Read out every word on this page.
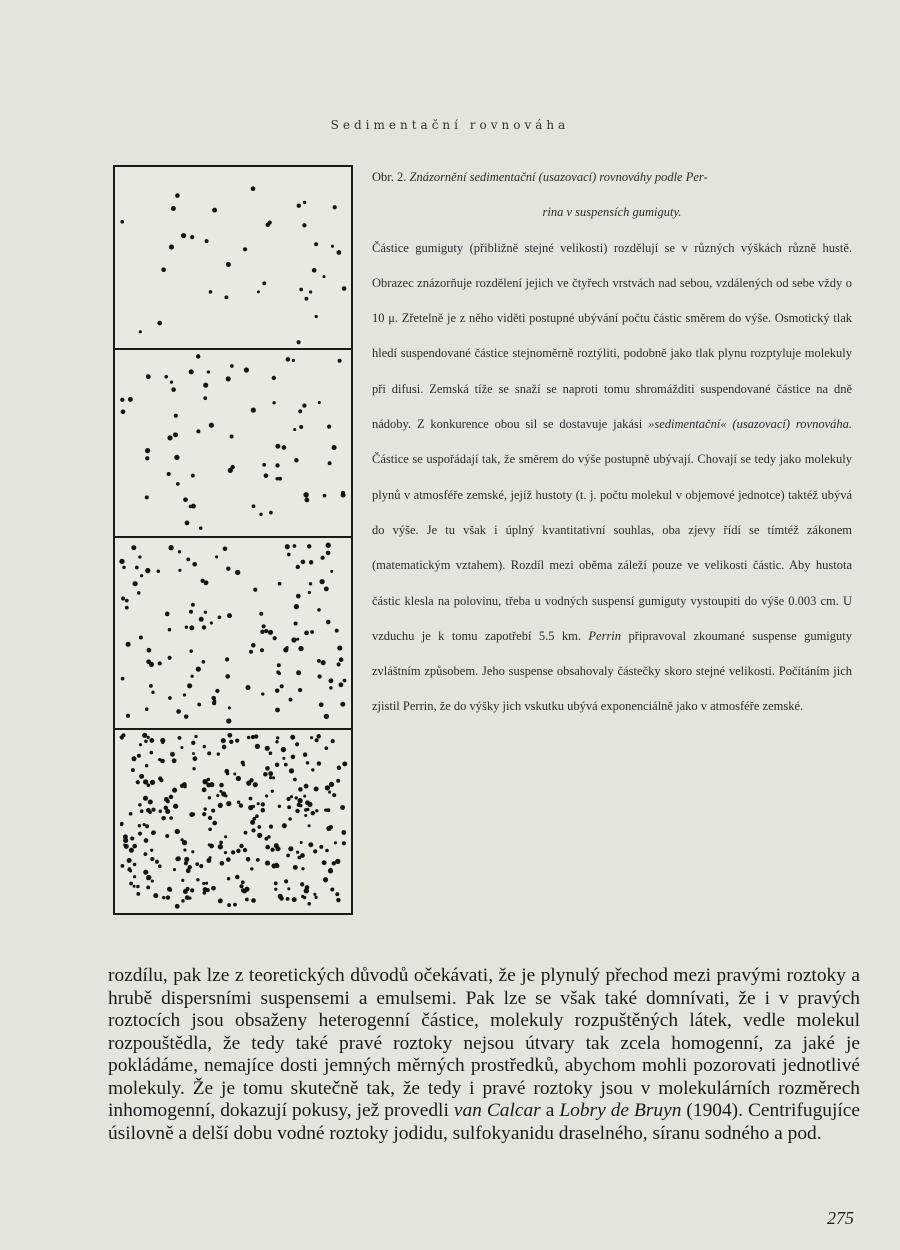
Sedimentační rovnováha

Obr. 2. Znázornění sedimentační (usazovací) rovnováhy podle Per-

rina v suspensích gumiguty.

Částice gumiguty (přibližně stejné velikosti) rozdělují se v různých výškách různě hustě. Obrazec znázorňuje rozdělení jejich ve čtyřech vrstvách nad sebou, vzdálených od sebe vždy o 10 μ. Zřetelně je z něho viděti postupné ubývání počtu částic směrem do výše. Osmotický tlak hledí suspendované částice stejnoměrně roztýliti, podobně jako tlak plynu rozptyluje molekuly při difusi. Zemská tíže se snaží se naproti tomu shromážditi suspendované částice na dně nádoby. Z konkurence obou sil se dostavuje jakási »sedimentační« (usazovací) rovnováha. Částice se uspořádají tak, že směrem do výše postupně ubývají. Chovají se tedy jako molekuly plynů v atmosféře zemské, jejíž hustoty (t. j. počtu molekul v objemové jednotce) taktéž ubývá do výše. Je tu však i úplný kvantitativní souhlas, oba zjevy řídí se tímtéž zákonem (matematickým vztahem). Rozdíl mezi oběma záleží pouze ve velikosti částic. Aby hustota částic klesla na polovinu, třeba u vodných suspensí gumiguty vystoupiti do výše 0.003 cm. U vzduchu je k tomu zapotřebí 5.5 km. Perrin připravoval zkoumané suspense gumiguty zvláštním způsobem. Jeho suspense obsahovaly částečky skoro stejné velikosti. Počítáním jich zjistil Perrin, že do výšky jich vskutku ubývá exponenciálně jako v atmosféře zemské.

rozdílu, pak lze z teoretických důvodů očekávati, že je plynulý přechod mezi pravými roztoky a hrubě dispersními suspensemi a emulsemi. Pak lze se však také domnívati, že i v pravých roztocích jsou obsaženy heterogenní částice, molekuly rozpuštěných látek, vedle molekul rozpouštědla, že tedy také pravé roztoky nejsou útvary tak zcela homogenní, za jaké je pokládáme, nemajíce dosti jemných měrných prostředků, abychom mohli pozorovati jednotlivé molekuly. Že je tomu skutečně tak, že tedy i pravé roztoky jsou v molekulárních rozměrech inhomogenní, dokazují pokusy, jež provedli van Calcar a Lobry de Bruyn (1904). Centrifugujíce úsilovně a delší dobu vodné roztoky jodidu, sulfokyanidu draselného, síranu sodného a pod.

275
